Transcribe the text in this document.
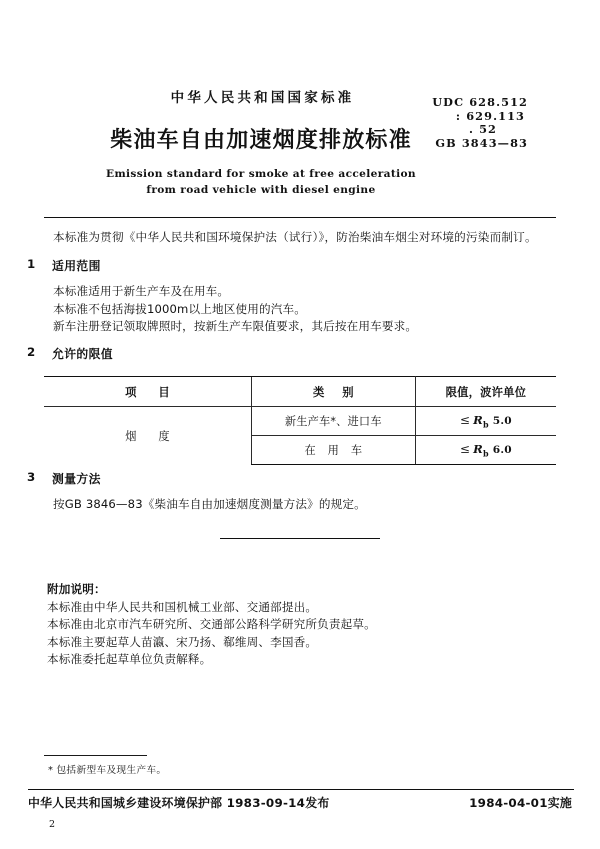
中华人民共和国国家标准
柴油车自由加速烟度排放标准
Emission standard for smoke at free acceleration
from road vehicle with diesel engine
UDC 628.512
: 629.113
. 52
GB 3843—83
本标准为贯彻《中华人民共和国环境保护法（试行）》，防治柴油车烟尘对环境的污染而制订。
1	适用范围
本标准适用于新生产车及在用车。
本标准不包括海拔1000m以上地区使用的汽车。
新车注册登记领取牌照时，按新生产车限值要求，其后按在用车要求。
2	允许的限值
项目	类别	限值，波许单位
烟度	新生产车*、进口车	≤ $R_b$ 5.0
	在用车	≤ $R_b$ 6.0
3	测量方法
按GB 3846—83《柴油车自由加速烟度测量方法》的规定。
附加说明：
本标准由中华人民共和国机械工业部、交通部提出。
本标准由北京市汽车研究所、交通部公路科学研究所负责起草。
本标准主要起草人苗瀛、宋乃扬、郗维周、李国香。
本标准委托起草单位负责解释。
* 包括新型车及现生产车。
中华人民共和国城乡建设环境保护部 1983-09-14发布	1984-04-01实施
2
